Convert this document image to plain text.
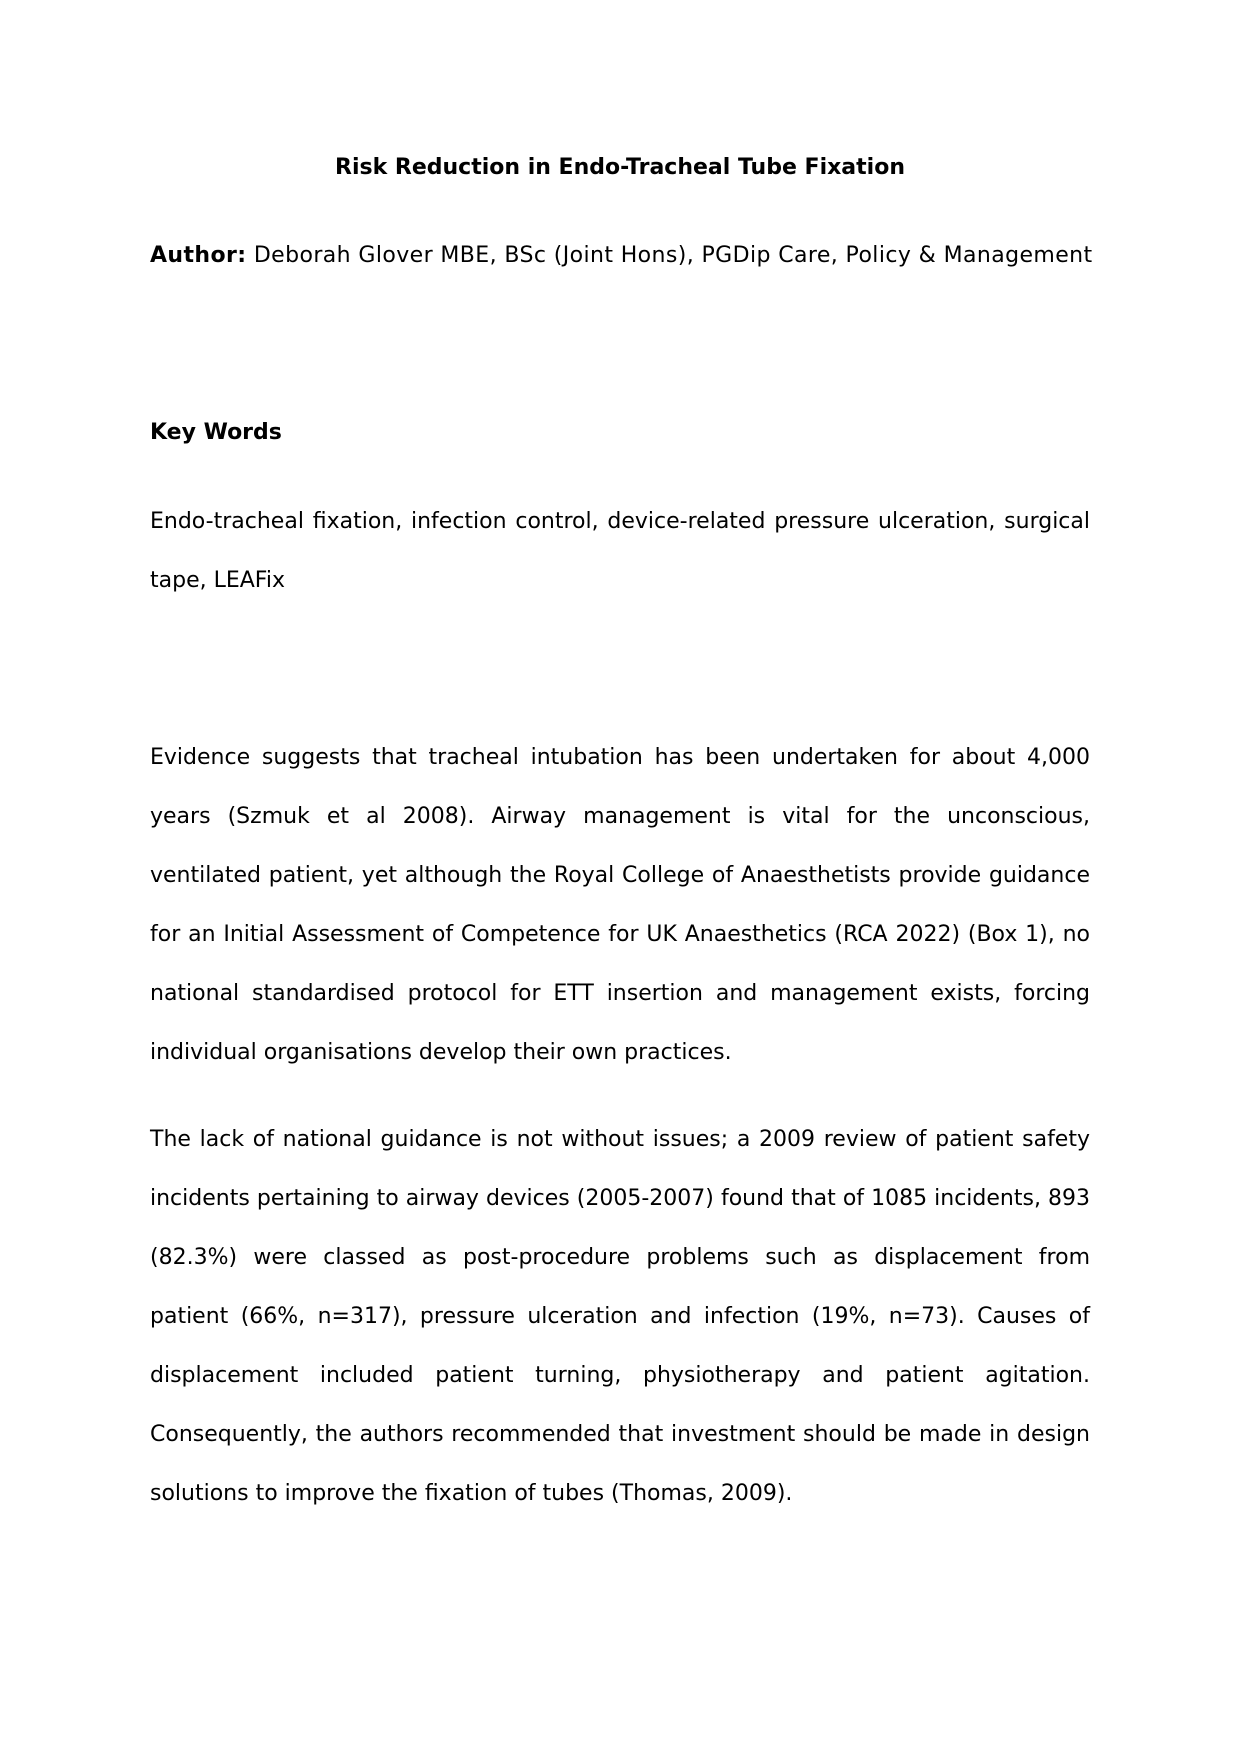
Risk Reduction in Endo-Tracheal Tube Fixation

Author: Deborah Glover MBE, BSc (Joint Hons), PGDip Care, Policy & Management

Key Words

Endo-tracheal fixation, infection control, device-related pressure ulceration, surgical tape, LEAFix

Evidence suggests that tracheal intubation has been undertaken for about 4,000 years (Szmuk et al 2008). Airway management is vital for the unconscious, ventilated patient, yet although the Royal College of Anaesthetists provide guidance for an Initial Assessment of Competence for UK Anaesthetics (RCA 2022) (Box 1), no national standardised protocol for ETT insertion and management exists, forcing individual organisations develop their own practices.

The lack of national guidance is not without issues; a 2009 review of patient safety incidents pertaining to airway devices (2005-2007) found that of 1085 incidents, 893 (82.3%) were classed as post-procedure problems such as displacement from patient (66%, n=317), pressure ulceration and infection (19%, n=73). Causes of displacement included patient turning, physiotherapy and patient agitation. Consequently, the authors recommended that investment should be made in design solutions to improve the fixation of tubes (Thomas, 2009).
